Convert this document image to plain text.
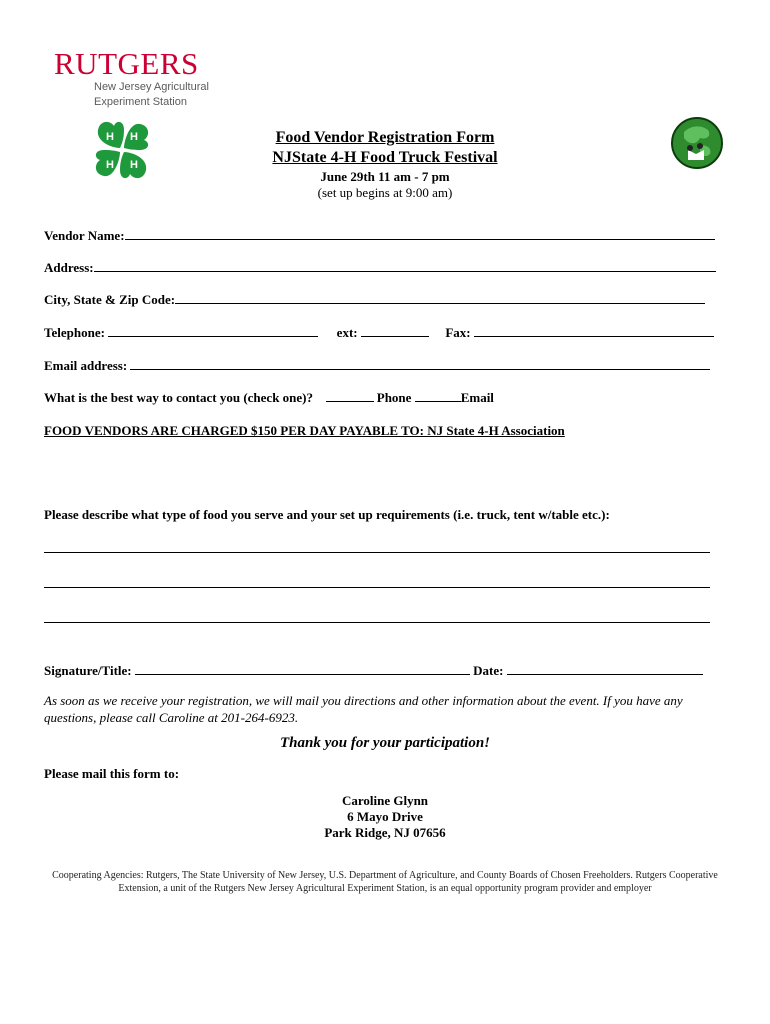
RUTGERS
New Jersey Agricultural
Experiment Station
H H
H
H
Food Vendor Registration Form
NJState 4-H Food Truck Festival
June 29th 11 am - 7 pm
(set up begins at 9:00 am)
Vendor Name:
Address:
City, State & Zip Code:
Telephone:	ext:	Fax:
Email address:
What is the best way to contact you (check one)?	Phone	Email
FOOD VENDORS ARE CHARGED $150 PER DAY PAYABLE TO: NJ State 4-H Association
Please describe what type of food you serve and your set up requirements (i.e. truck, tent w/table etc.):
Signature/Title:	Date:
As soon as we receive your registration, we will mail you directions and other information about the event. If you have any questions, please call Caroline at 201-264-6923.
Thank you for your participation!
Please mail this form to:
Caroline Glynn
6 Mayo Drive
Park Ridge, NJ 07656
Cooperating Agencies: Rutgers, The State University of New Jersey, U.S. Department of Agriculture, and County Boards of Chosen Freeholders. Rutgers Cooperative
Extension, a unit of the Rutgers New Jersey Agricultural Experiment Station, is an equal opportunity program provider and employer
